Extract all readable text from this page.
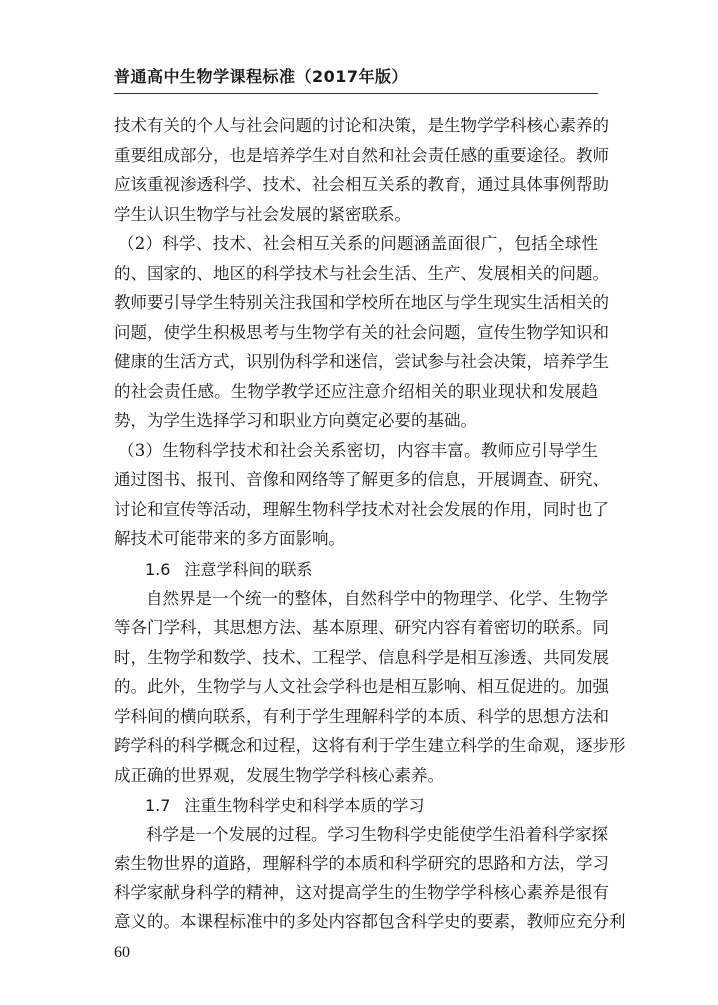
普通高中生物学课程标准（2017年版）
技术有关的个人与社会问题的讨论和决策，是生物学学科核心素养的
重要组成部分，也是培养学生对自然和社会责任感的重要途径。教师
应该重视渗透科学、技术、社会相互关系的教育，通过具体事例帮助
学生认识生物学与社会发展的紧密联系。
（2）科学、技术、社会相互关系的问题涵盖面很广，包括全球性
的、国家的、地区的科学技术与社会生活、生产、发展相关的问题。
教师要引导学生特别关注我国和学校所在地区与学生现实生活相关的
问题，使学生积极思考与生物学有关的社会问题，宣传生物学知识和
健康的生活方式，识别伪科学和迷信，尝试参与社会决策，培养学生
的社会责任感。生物学教学还应注意介绍相关的职业现状和发展趋
势，为学生选择学习和职业方向奠定必要的基础。
（3）生物科学技术和社会关系密切，内容丰富。教师应引导学生
通过图书、报刊、音像和网络等了解更多的信息，开展调查、研究、
讨论和宣传等活动，理解生物科学技术对社会发展的作用，同时也了
解技术可能带来的多方面影响。
1.6 注意学科间的联系
自然界是一个统一的整体，自然科学中的物理学、化学、生物学
等各门学科，其思想方法、基本原理、研究内容有着密切的联系。同
时，生物学和数学、技术、工程学、信息科学是相互渗透、共同发展
的。此外，生物学与人文社会学科也是相互影响、相互促进的。加强
学科间的横向联系，有利于学生理解科学的本质、科学的思想方法和
跨学科的科学概念和过程，这将有利于学生建立科学的生命观，逐步形
成正确的世界观，发展生物学学科核心素养。
1.7 注重生物科学史和科学本质的学习
科学是一个发展的过程。学习生物科学史能使学生沿着科学家探
索生物世界的道路，理解科学的本质和科学研究的思路和方法，学习
科学家献身科学的精神，这对提高学生的生物学学科核心素养是很有
意义的。本课程标准中的多处内容都包含科学史的要素，教师应充分利
60
